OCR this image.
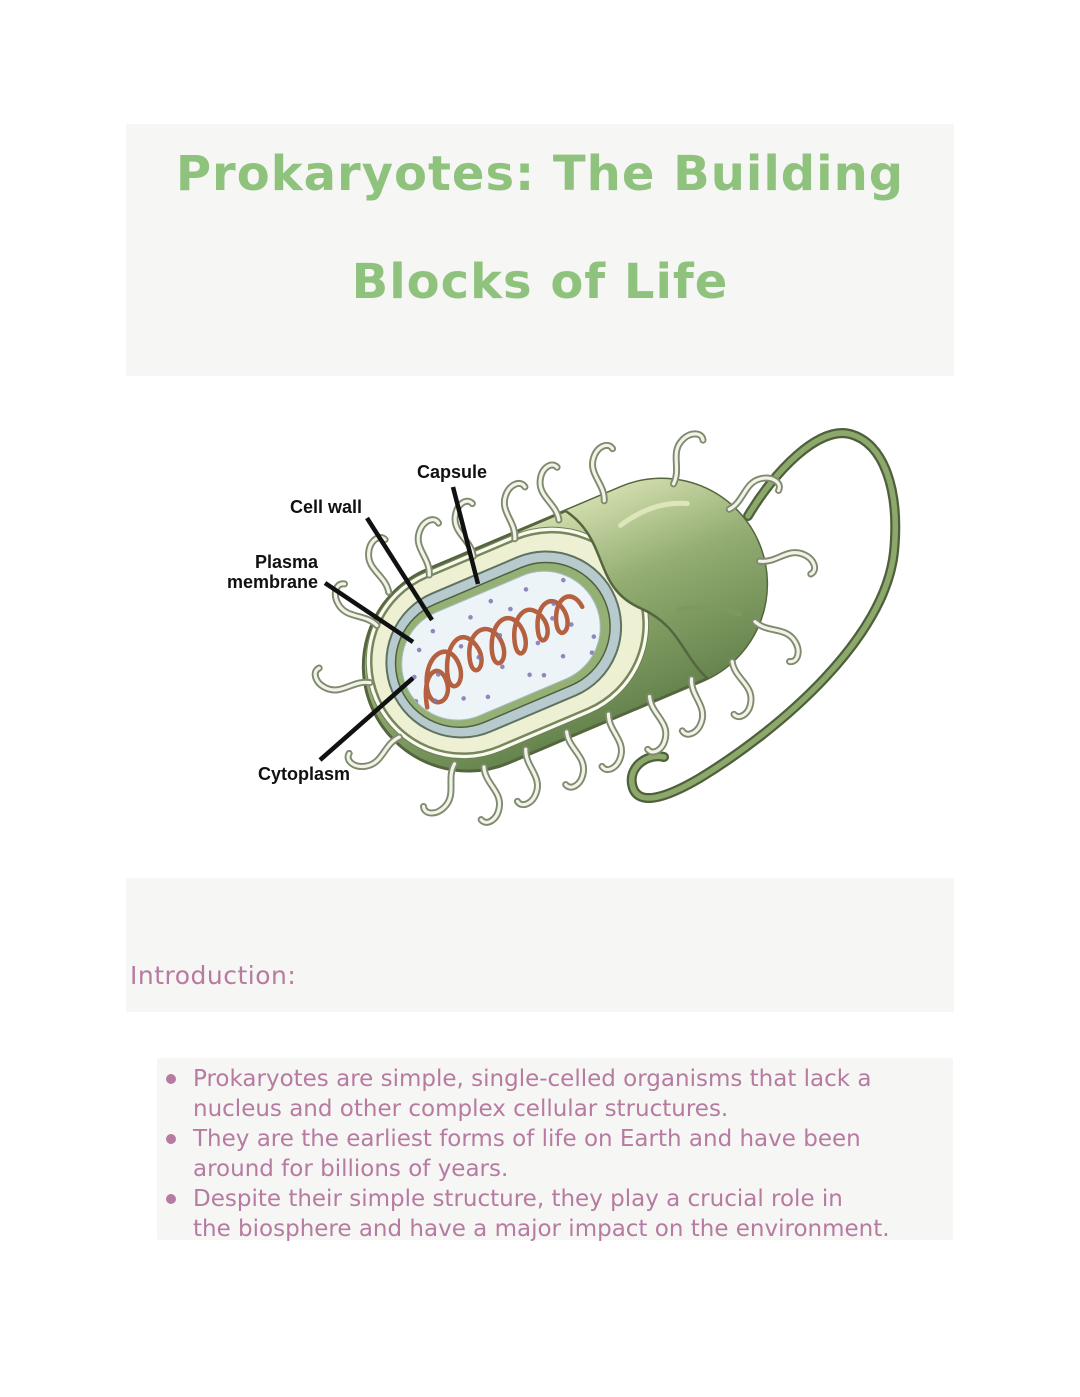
Prokaryotes: The Building
Blocks of Life
Capsule
Cell wall
Plasma
membrane
Cytoplasm
Introduction:
Prokaryotes are simple, single-celled organisms that lack a
nucleus and other complex cellular structures.
They are the earliest forms of life on Earth and have been
around for billions of years.
Despite their simple structure, they play a crucial role in
the biosphere and have a major impact on the environment.
